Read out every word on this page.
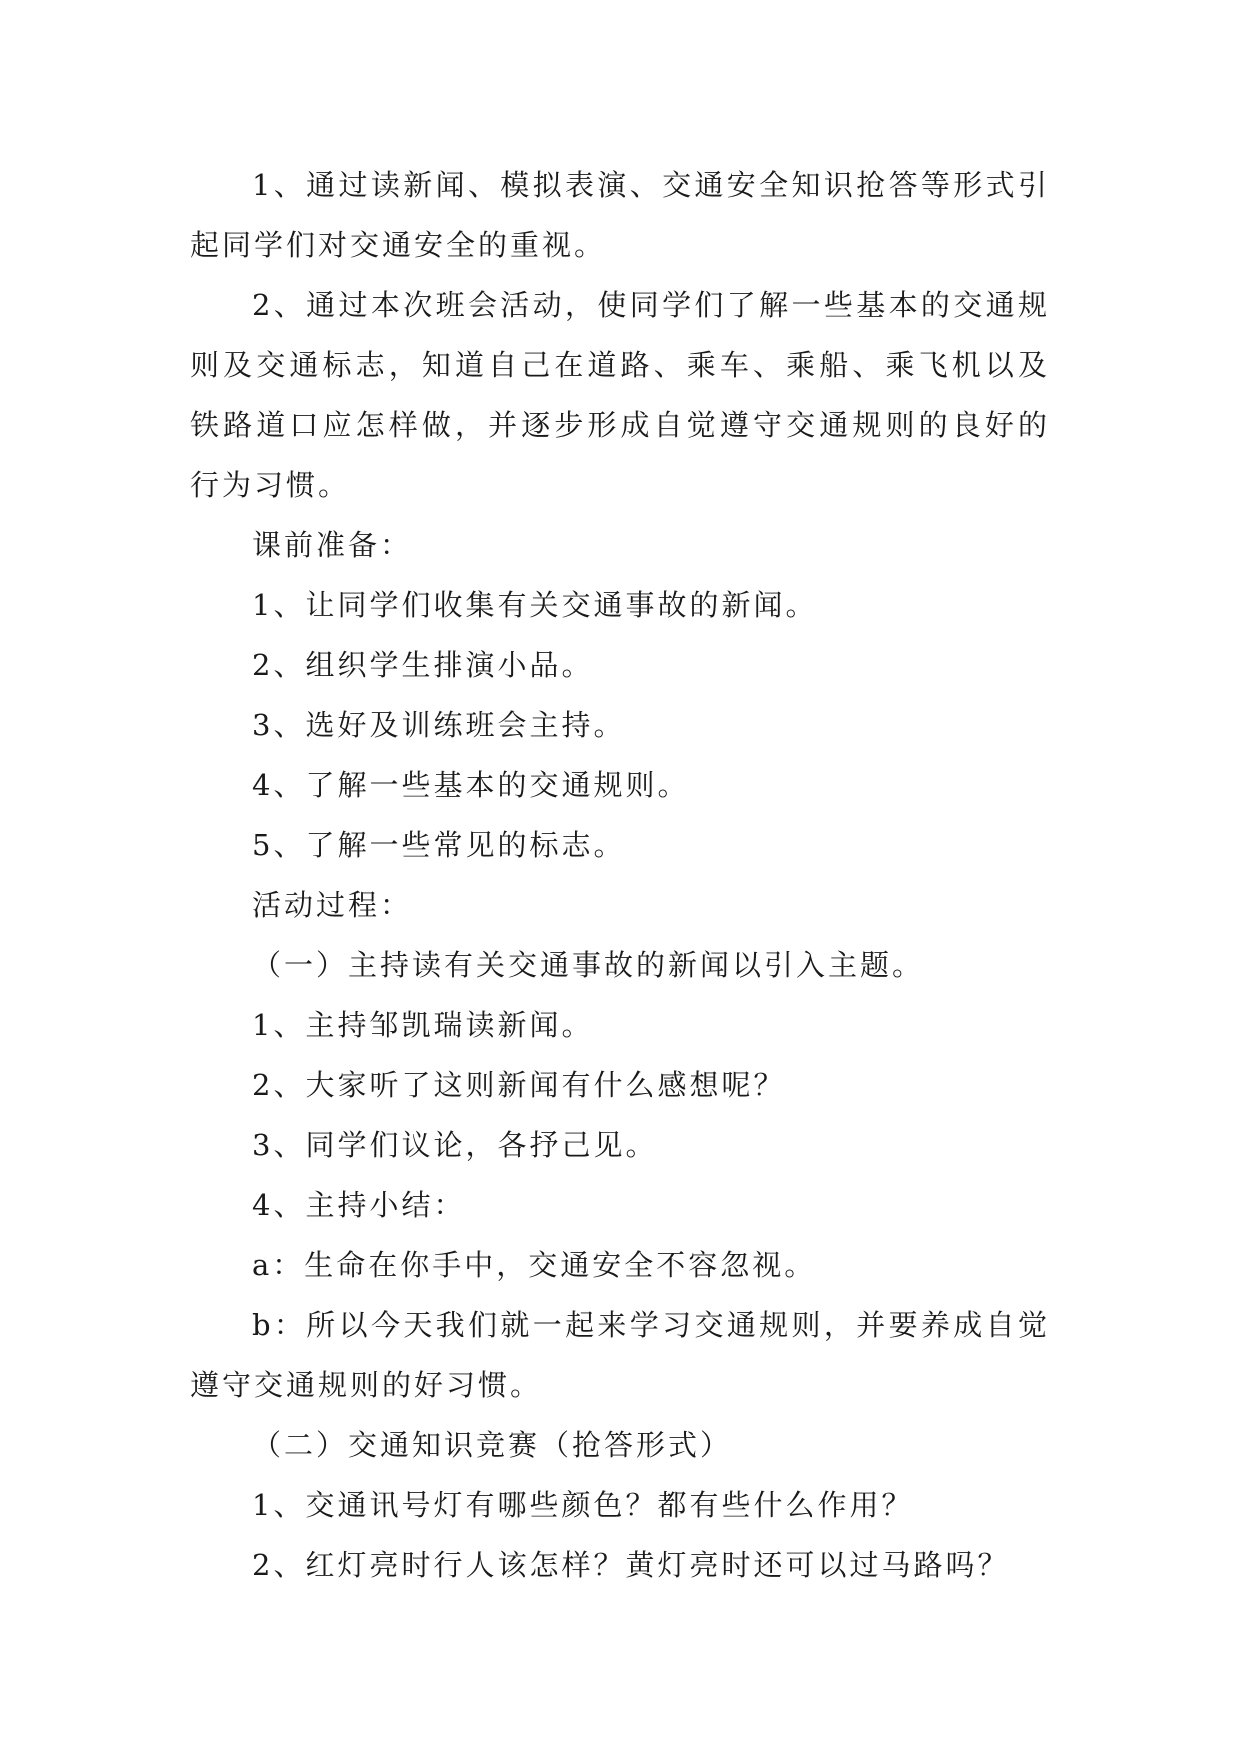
1、通过读新闻、模拟表演、交通安全知识抢答等形式引起同学们对交通安全的重视。

2、通过本次班会活动，使同学们了解一些基本的交通规则及交通标志，知道自己在道路、乘车、乘船、乘飞机以及铁路道口应怎样做，并逐步形成自觉遵守交通规则的良好的行为习惯。

课前准备：

1、让同学们收集有关交通事故的新闻。

2、组织学生排演小品。

3、选好及训练班会主持。

4、了解一些基本的交通规则。

5、了解一些常见的标志。

活动过程：

（一）主持读有关交通事故的新闻以引入主题。

1、主持邹凯瑞读新闻。

2、大家听了这则新闻有什么感想呢？

3、同学们议论，各抒己见。

4、主持小结：

a：生命在你手中，交通安全不容忽视。

b：所以今天我们就一起来学习交通规则，并要养成自觉遵守交通规则的好习惯。

（二）交通知识竞赛（抢答形式）

1、交通讯号灯有哪些颜色？都有些什么作用？

2、红灯亮时行人该怎样？黄灯亮时还可以过马路吗？
